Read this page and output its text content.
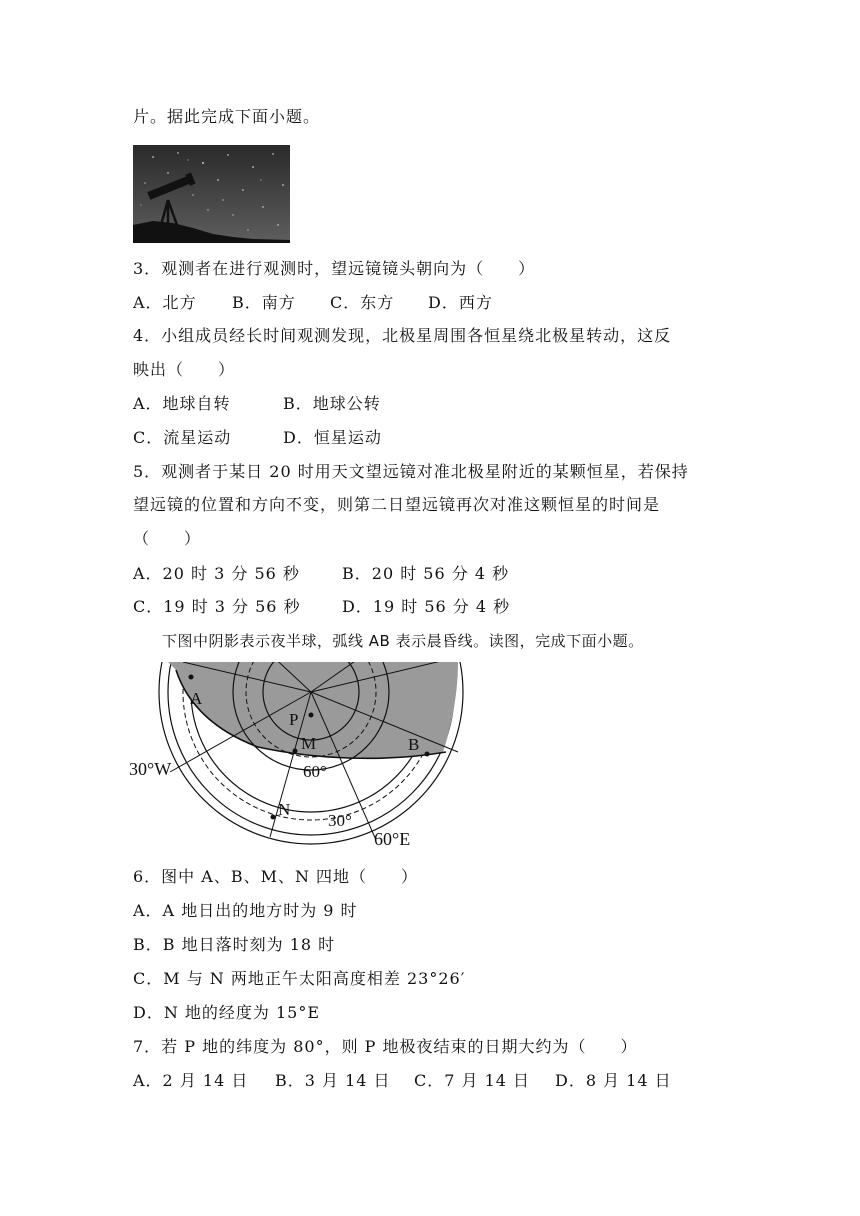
片。据此完成下面小题。
3．观测者在进行观测时，望远镜镜头朝向为（　　）
A．北方 B．南方 C．东方 D．西方
4．小组成员经长时间观测发现，北极星周围各恒星绕北极星转动，这反
映出（　　）
A．地球自转	B．地球公转
C．流星运动	D．恒星运动
5．观测者于某日 20 时用天文望远镜对准北极星附近的某颗恒星，若保持
望远镜的位置和方向不变，则第二日望远镜再次对准这颗恒星的时间是
（　　）
A．20 时 3 分 56 秒	B．20 时 56 分 4 秒
C．19 时 3 分 56 秒	D．19 时 56 分 4 秒
下图中阴影表示夜半球，弧线 AB 表示晨昏线。读图，完成下面小题。
A
P
M	B
N
60°
30°
30°W
60°E
6．图中 A、B、M、N 四地（　　）
A．A 地日出的地方时为 9 时
B．B 地日落时刻为 18 时
C．M 与 N 两地正午太阳高度相差 23°26′
D．N 地的经度为 15°E
7．若 P 地的纬度为 80°，则 P 地极夜结束的日期大约为（　　）
A．2 月 14 日 B．3 月 14 日 C．7 月 14 日 D．8 月 14 日
